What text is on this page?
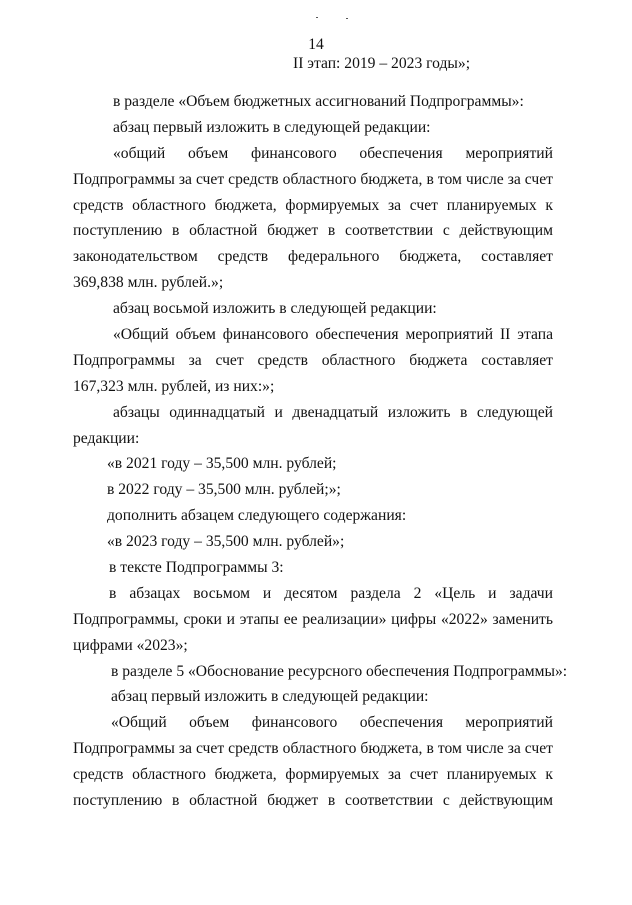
14
II этап: 2019 – 2023 годы»;

в разделе «Объем бюджетных ассигнований Подпрограммы»:

абзац первый изложить в следующей редакции:

«общий объем финансового обеспечения мероприятий

Подпрограммы за счет средств областного бюджета, в том числе за счет

средств областного бюджета, формируемых за счет планируемых к

поступлению в областной бюджет в соответствии с действующим

законодательством средств федерального бюджета, составляет

369,838 млн. рублей.»;

абзац восьмой изложить в следующей редакции:

«Общий объем финансового обеспечения мероприятий II этапа

Подпрограммы за счет средств областного бюджета составляет

167,323 млн. рублей, из них:»;

абзацы одиннадцатый и двенадцатый изложить в следующей

редакции:

«в 2021 году – 35,500 млн. рублей;

в 2022 году – 35,500 млн. рублей;»;

дополнить абзацем следующего содержания:

«в 2023 году – 35,500 млн. рублей»;

в тексте Подпрограммы 3:

в абзацах восьмом и десятом раздела 2 «Цель и задачи

Подпрограммы, сроки и этапы ее реализации» цифры «2022» заменить

цифрами «2023»;

в разделе 5 «Обоснование ресурсного обеспечения Подпрограммы»:

абзац первый изложить в следующей редакции:

«Общий объем финансового обеспечения мероприятий

Подпрограммы за счет средств областного бюджета, в том числе за счет

средств областного бюджета, формируемых за счет планируемых к

поступлению в областной бюджет в соответствии с действующим
